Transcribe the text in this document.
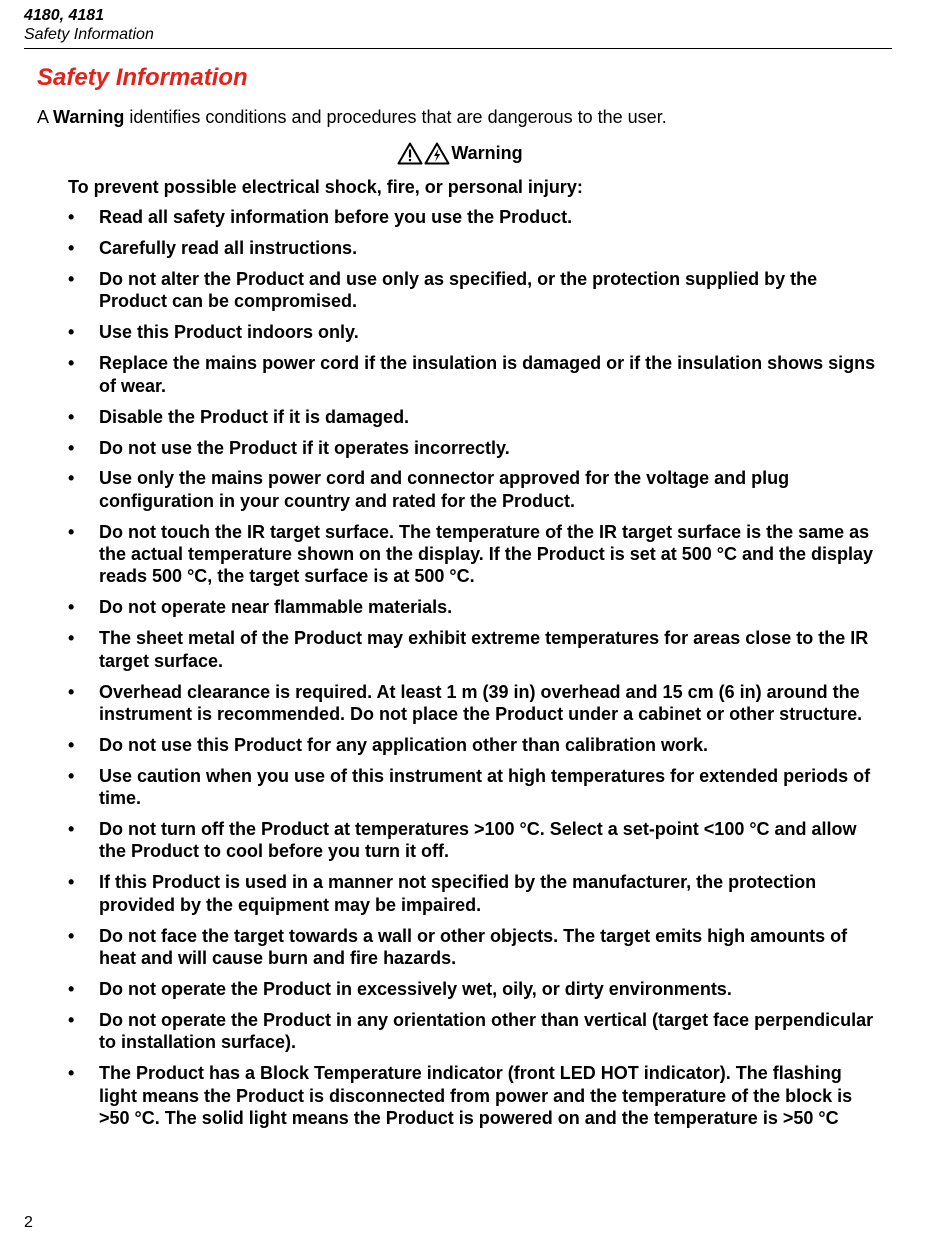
4180, 4181
Safety Information
Safety Information
A Warning identifies conditions and procedures that are dangerous to the user.
Warning
To prevent possible electrical shock, fire, or personal injury:
• Read all safety information before you use the Product.
• Carefully read all instructions.
• Do not alter the Product and use only as specified, or the protection supplied by the Product can be compromised.
• Use this Product indoors only.
• Replace the mains power cord if the insulation is damaged or if the insulation shows signs of wear.
• Disable the Product if it is damaged.
• Do not use the Product if it operates incorrectly.
• Use only the mains power cord and connector approved for the voltage and plug configuration in your country and rated for the Product.
• Do not touch the IR target surface. The temperature of the IR target surface is the same as the actual temperature shown on the display. If the Product is set at 500 °C and the display reads 500 °C, the target surface is at 500 °C.
• Do not operate near flammable materials.
• The sheet metal of the Product may exhibit extreme temperatures for areas close to the IR target surface.
• Overhead clearance is required. At least 1 m (39 in) overhead and 15 cm (6 in) around the instrument is recommended. Do not place the Product under a cabinet or other structure.
• Do not use this Product for any application other than calibration work.
• Use caution when you use of this instrument at high temperatures for extended periods of time.
• Do not turn off the Product at temperatures >100 °C. Select a set-point <100 °C and allow the Product to cool before you turn it off.
• If this Product is used in a manner not specified by the manufacturer, the protection provided by the equipment may be impaired.
• Do not face the target towards a wall or other objects. The target emits high amounts of heat and will cause burn and fire hazards.
• Do not operate the Product in excessively wet, oily, or dirty environments.
• Do not operate the Product in any orientation other than vertical (target face perpendicular to installation surface).
• The Product has a Block Temperature indicator (front LED HOT indicator). The flashing light means the Product is disconnected from power and the temperature of the block is >50 °C. The solid light means the Product is powered on and the temperature is >50 °C
2
